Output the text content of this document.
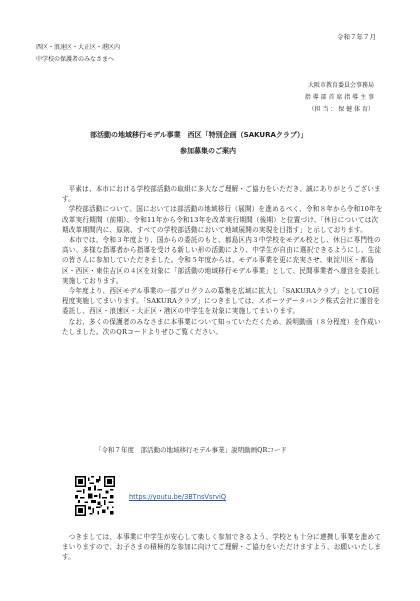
令和７年７月
西区・浪速区・大正区・港区内
中学校の保護者のみなさまへ
大阪市教育委員会事務局
指 導 部 首 席 指 導 主 事
（担 当 ： 保 健 体 育）
部活動の地域移行モデル事業　西区「特別企画（SAKURAクラブ）」
参加募集のご案内

平素は、本市における学校部活動の取組に多大なご理解・ご協力をいただき、誠にありがとうございます。

学校部活動について、国においては部活動の地域移行（展開）を進めるべく、令和８年から令和10年を改革実行期間（前期）、令和11年から令和13年を改革実行期間（後期）と位置づけ、「休日については次期改革期間内に、原則、すべての学校部活動において地域展開の実現を目指す」と示しております。

本市では、令和３年度より、国からの委託のもと、都島区内３中学校をモデル校とし、休日に専門性の高い、多様な指導者から指導を受ける新しい形の活動により、中学生が自由に選択できるようにし、生徒の皆さんに参加していただきました。令和５年度からは、モデル事業を更に充実させ、東淀川区・都島区・西区・東住吉区の４区を対象に「部活動の地域移行モデル事業」として、民間事業者へ運営を委託し実施しております。

今年度より、西区モデル事業の一部プログラムの募集を広域に拡大し「SAKURAクラブ」として10回程度実施してまいります。「SAKURAクラブ」につきましては、スポーツデータバンク株式会社に運営を委託し、西区・浪速区・大正区・港区の中学生を対象に実施してまいります。

なお、多くの保護者のみなさまに本事業について知っていただくため、説明動画（８分程度）を作成いたしました。次のQRコードよりぜひご覧ください。

「令和７年度　部活動の地域移行モデル事業」説明動画QRコード
https://youtu.be/3BTnsVsrviQ

つきましては、本事業に中学生が安心して楽しく参加できるよう、学校とも十分に連携し事業を進めてまいりますので、お子さまの積極的な参加に向けてご理解・ご協力をいただけますよう、お願いいたします。
